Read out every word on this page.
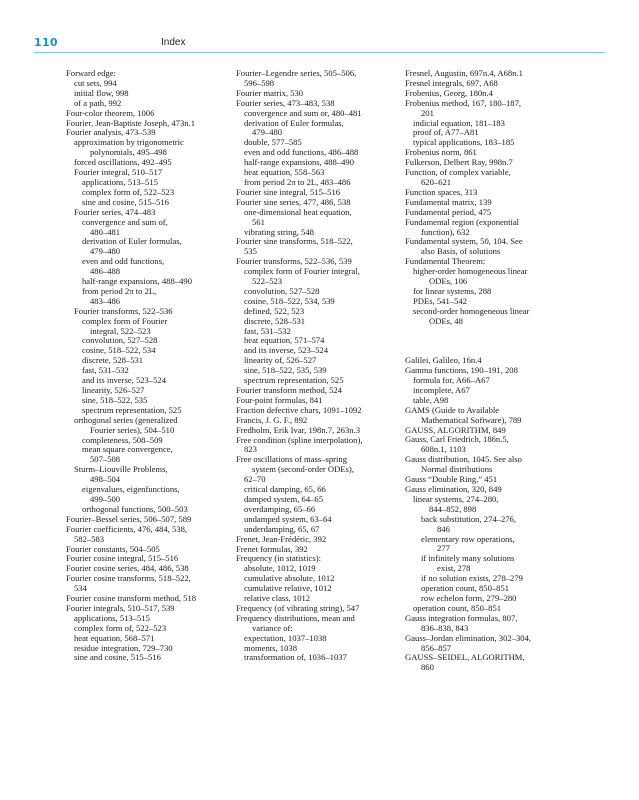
110	Index
Forward edge:
cut sets, 994
initial flow, 998
of a path, 992
Four-color theorem, 1006
Fourier, Jean-Baptiste Joseph, 473n.1
Fourier analysis, 473–539
approximation by trigonometric
polynomials, 495–498
forced oscillations, 492–495
Fourier integral, 510–517
applications, 513–515
complex form of, 522–523
sine and cosine, 515–516
Fourier series, 474–483
convergence and sum of,
480–481
derivation of Euler formulas,
479–480
even and odd functions,
486–488
half-range expansions, 488–490
from period 2π to 2L,
483–486
Fourier transforms, 522–536
complex form of Fourier
integral, 522–523
convolution, 527–528
cosine, 518–522, 534
discrete, 528–531
fast, 531–532
and its inverse, 523–524
linearity, 526–527
sine, 518–522, 535
spectrum representation, 525
orthogonal series (generalized
Fourier series), 504–510
completeness, 508–509
mean square convergence,
507–508
Sturm–Liouville Problems,
498–504
eigenvalues, eigenfunctions,
499–500
orthogonal functions, 500–503
Fourier–Bessel series, 506–507, 589
Fourier coefficients, 476, 484, 538,
582–583
Fourier constants, 504–505
Fourier cosine integral, 515–516
Fourier cosine series, 484, 486, 538
Fourier cosine transforms, 518–522,
534
Fourier cosine transform method, 518
Fourier integrals, 510–517, 539
applications, 513–515
complex form of, 522–523
heat equation, 568–571
residue integration, 729–730
sine and cosine, 515–516
Fourier–Legendre series, 505–506,
596–598
Fourier matrix, 530
Fourier series, 473–483, 538
convergence and sum or, 480–481
derivation of Euler formulas,
479–480
double, 577–585
even and odd functions, 486–488
half-range expansions, 488–490
heat equation, 558–563
from period 2π to 2L, 483–486
Fourier sine integral, 515–516
Fourier sine series, 477, 486, 538
one-dimensional heat equation,
561
vibrating string, 548
Fourier sine transforms, 518–522,
535
Fourier transforms, 522–536, 539
complex form of Fourier integral,
522–523
convolution, 527–528
cosine, 518–522, 534, 539
defined, 522, 523
discrete, 528–531
fast, 531–532
heat equation, 571–574
and its inverse, 523–524
linearity of, 526–527
sine, 518–522, 535, 539
spectrum representation, 525
Fourier transform method, 524
Four-point formulas, 841
Fraction defective chars, 1091–1092
Francis, J. G. F., 892
Fredholm, Erik Ivar, 198n.7, 263n.3
Free condition (spline interpolation),
823
Free oscillations of mass–spring
system (second-order ODEs),
62–70
critical damping, 65, 66
damped system, 64–65
overdamping, 65–66
undamped system, 63–64
underdamping, 65, 67
Frenet, Jean-Frédéric, 392
Frenet formulas, 392
Frequency (in statistics):
absolute, 1012, 1019
cumulative absolute, 1012
cumulative relative, 1012
relative class, 1012
Frequency (of vibrating string), 547
Frequency distributions, mean and
variance of:
expectation, 1037–1038
moments, 1038
transformation of, 1036–1037
Fresnel, Augustin, 697n.4, A68n.1
Fresnel integrals, 697, A68
Frobenius, Georg, 180n.4
Frobenius method, 167, 180–187,
201
indicial equation, 181–183
proof of, A77–A81
typical applications, 183–185
Frobenius norm, 861
Fulkerson, Delbert Ray, 998n.7
Function, of complex variable,
620–621
Function spaces, 313
Fundamental matrix, 139
Fundamental period, 475
Fundamental region (exponential
function), 632
Fundamental system, 50, 104. See
also Basis, of solutions
Fundamental Theorem:
higher-order homogeneous linear
ODEs, 106
for linear systems, 288
PDEs, 541–542
second-order homogeneous linear
ODEs, 48
Galilei, Galileo, 16n.4
Gamma functions, 190–191, 208
formula for, A66–A67
incomplete, A67
table, A98
GAMS (Guide to Available
Mathematical Software), 789
GAUSS, ALGORITHM, 849
Gauss, Carl Friedrich, 186n.5,
608n.1, 1103
Gauss distribution, 1045. See also
Normal distributions
Gauss “Double Ring,” 451
Gauss elimination, 320, 849
linear systems, 274–280,
844–852, 898
back substitution, 274–276,
846
elementary row operations,
277
if infinitely many solutions
exist, 278
if no solution exists, 278–279
operation count, 850–851
row echelon form, 279–280
operation count, 850–851
Gauss integration formulas, 807,
836–838, 843
Gauss–Jordan elimination, 302–304,
856–857
GAUSS–SEIDEL, ALGORITHM,
860
